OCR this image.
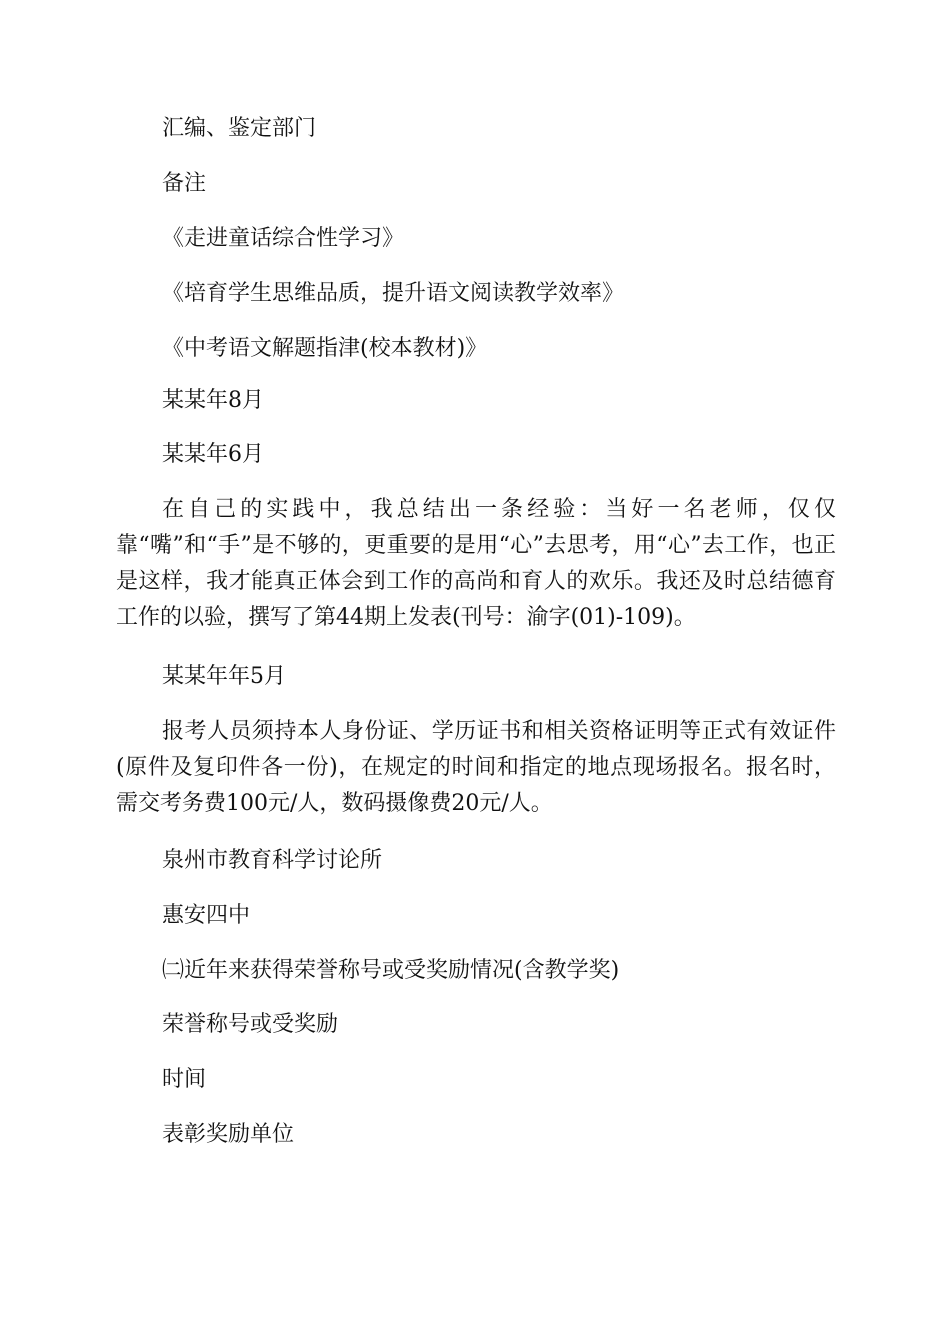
汇编、鉴定部门

备注

《走进童话综合性学习》

《培育学生思维品质，提升语文阅读教学效率》

《中考语文解题指津(校本教材)》

某某年8月

某某年6月

在自己的实践中，我总结出一条经验：当好一名老师，仅仅靠“嘴”和“手”是不够的，更重要的是用“心”去思考，用“心”去工作，也正是这样，我才能真正体会到工作的高尚和育人的欢乐。我还及时总结德育工作的以验，撰写了第44期上发表(刊号：渝字(01)-109)。

某某年年5月

报考人员须持本人身份证、学历证书和相关资格证明等正式有效证件(原件及复印件各一份)，在规定的时间和指定的地点现场报名。报名时，需交考务费100元/人，数码摄像费20元/人。

泉州市教育科学讨论所

惠安四中

㈡近年来获得荣誉称号或受奖励情况(含教学奖)

荣誉称号或受奖励

时间

表彰奖励单位
